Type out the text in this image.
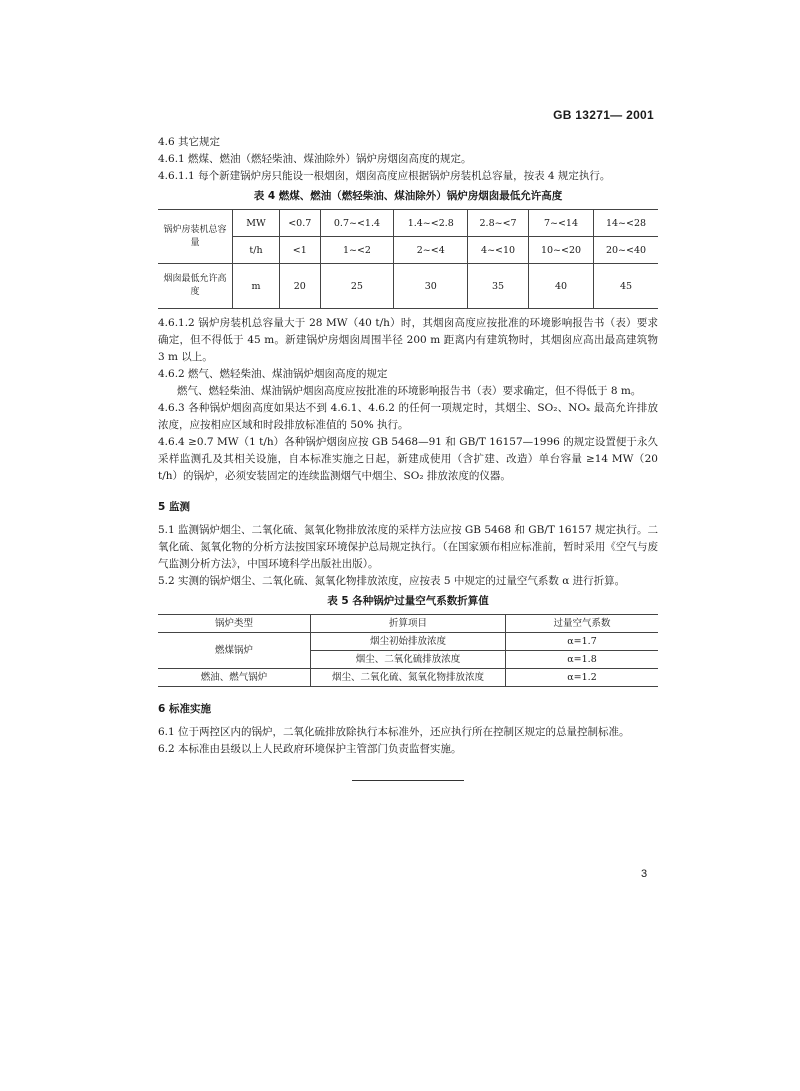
GB 13271— 2001
4.6 其它规定
4.6.1 燃煤、燃油（燃轻柴油、煤油除外）锅炉房烟囱高度的规定。
4.6.1.1 每个新建锅炉房只能设一根烟囱，烟囱高度应根据锅炉房装机总容量，按表 4 规定执行。
表 4 燃煤、燃油（燃轻柴油、煤油除外）锅炉房烟囱最低允许高度
锅炉房装机总容量	MW	<0.7	0.7~<1.4	1.4~<2.8	2.8~<7	7~<14	14~<28
	t/h	<1	1~<2	2~<4	4~<10	10~<20	20~<40
烟囱最低允许高度	m	20	25	30	35	40	45
4.6.1.2 锅炉房装机总容量大于 28 MW（40 t/h）时，其烟囱高度应按批准的环境影响报告书（表）要求确定，但不得低于 45 m。新建锅炉房烟囱周围半径 200 m 距离内有建筑物时，其烟囱应高出最高建筑物 3 m 以上。
4.6.2 燃气、燃轻柴油、煤油锅炉烟囱高度的规定
燃气、燃轻柴油、煤油锅炉烟囱高度应按批准的环境影响报告书（表）要求确定，但不得低于 8 m。
4.6.3 各种锅炉烟囱高度如果达不到 4.6.1、4.6.2 的任何一项规定时，其烟尘、SO₂、NOₓ 最高允许排放浓度，应按相应区域和时段排放标准值的 50% 执行。
4.6.4 ≥0.7 MW（1 t/h）各种锅炉烟囱应按 GB 5468—91 和 GB/T 16157—1996 的规定设置便于永久采样监测孔及其相关设施，自本标准实施之日起，新建成使用（含扩建、改造）单台容量 ≥14 MW（20 t/h）的锅炉，必须安装固定的连续监测烟气中烟尘、SO₂ 排放浓度的仪器。
5 监测
5.1 监测锅炉烟尘、二氧化硫、氮氧化物排放浓度的采样方法应按 GB 5468 和 GB/T 16157 规定执行。二氧化硫、氮氧化物的分析方法按国家环境保护总局规定执行。（在国家颁布相应标准前，暂时采用《空气与废气监测分析方法》，中国环境科学出版社出版）。
5.2 实测的锅炉烟尘、二氧化硫、氮氧化物排放浓度，应按表 5 中规定的过量空气系数 α 进行折算。
表 5 各种锅炉过量空气系数折算值
锅炉类型	折算项目	过量空气系数
燃煤锅炉	烟尘初始排放浓度	α=1.7
	烟尘、二氧化硫排放浓度	α=1.8
燃油、燃气锅炉	烟尘、二氧化硫、氮氧化物排放浓度	α=1.2
6 标准实施
6.1 位于两控区内的锅炉，二氧化硫排放除执行本标准外，还应执行所在控制区规定的总量控制标准。
6.2 本标准由县级以上人民政府环境保护主管部门负责监督实施。
3
